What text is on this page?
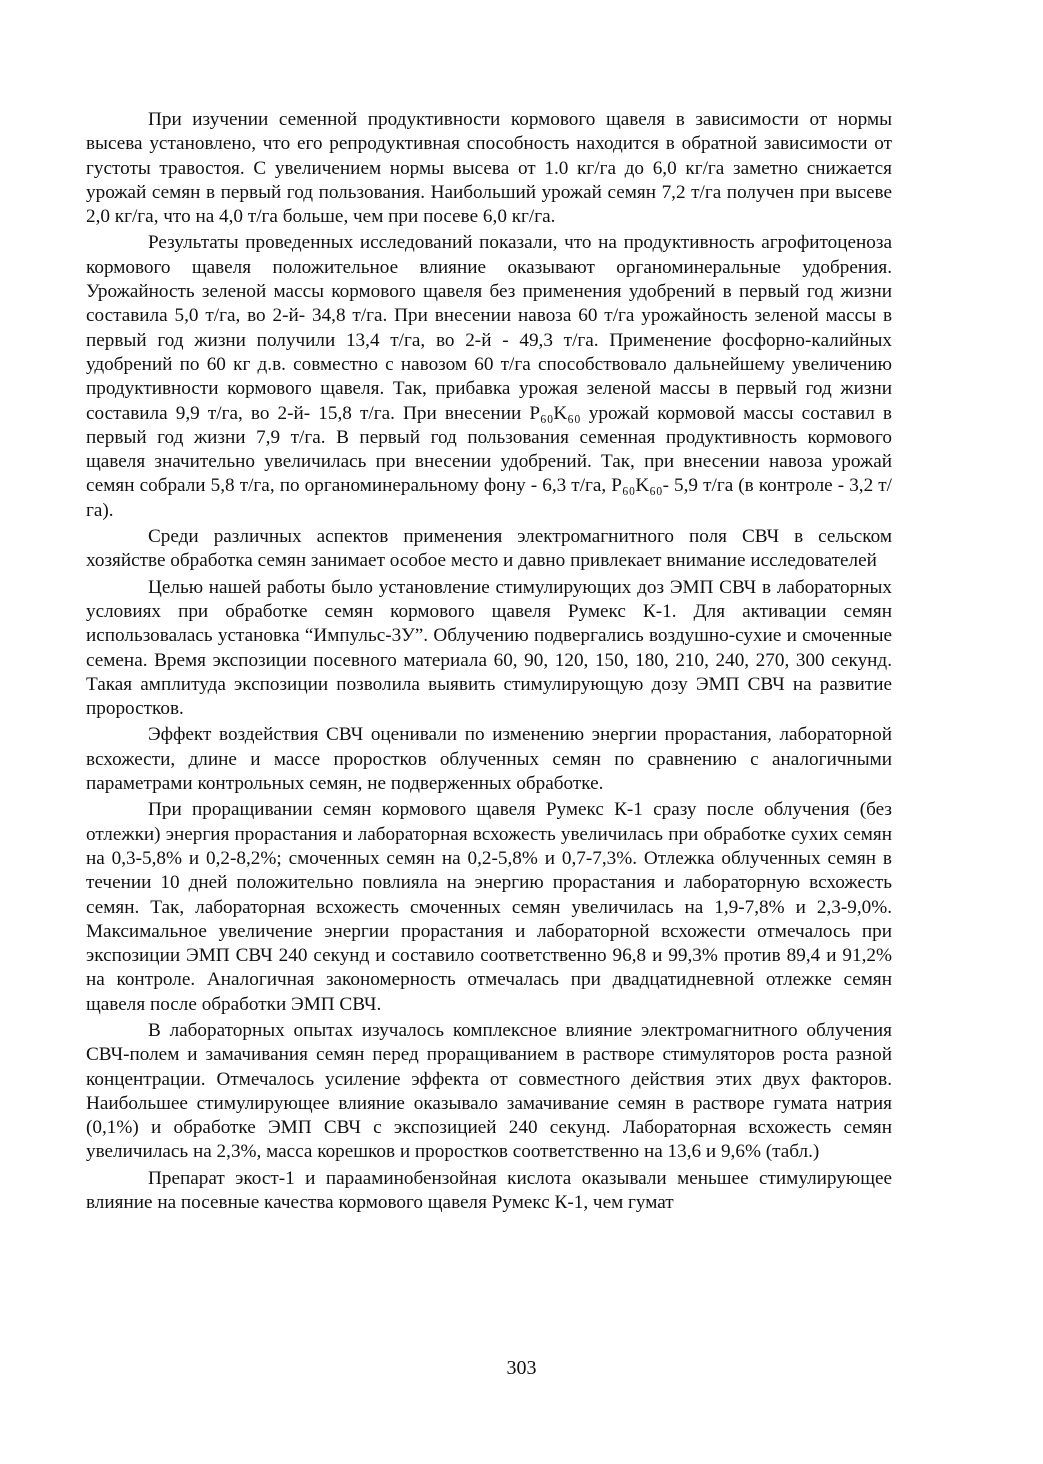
При изучении семенной продуктивности кормового щавеля в зависимости от нормы высева установлено, что его репродуктивная способность находится в обратной зависимости от густоты травостоя. С увеличением нормы высева от 1.0 кг/га до 6,0 кг/га заметно снижается урожай семян в первый год пользования. Наибольший урожай семян 7,2 т/га получен при высеве 2,0 кг/га, что на 4,0 т/га больше, чем при посеве 6,0 кг/га.

Результаты проведенных исследований показали, что на продуктивность агрофитоценоза кормового щавеля положительное влияние оказывают органоминеральные удобрения. Урожайность зеленой массы кормового щавеля без применения удобрений в первый год жизни составила 5,0 т/га, во 2-й- 34,8 т/га. При внесении навоза 60 т/га урожайность зеленой массы в первый год жизни получили 13,4 т/га, во 2-й - 49,3 т/га. Применение фосфорно-калийных удобрений по 60 кг д.в. совместно с навозом 60 т/га способствовало дальнейшему увеличению продуктивности кормового щавеля. Так, прибавка урожая зеленой массы в первый год жизни составила 9,9 т/га, во 2-й- 15,8 т/га. При внесении P₆₀K₆₀ урожай кормовой массы составил в первый год жизни 7,9 т/га. В первый год пользования семенная продуктивность кормового щавеля значительно увеличилась при внесении удобрений. Так, при внесении навоза урожай семян собрали 5,8 т/га, по органоминеральному фону - 6,3 т/га, P₆₀K₆₀- 5,9 т/га (в контроле - 3,2 т/га).

Среди различных аспектов применения электромагнитного поля СВЧ в сельском хозяйстве обработка семян занимает особое место и давно привлекает внимание исследователей

Целью нашей работы было установление стимулирующих доз ЭМП СВЧ в лабораторных условиях при обработке семян кормового щавеля Румекс К-1. Для активации семян использовалась установка “Импульс-3У”. Облучению подвергались воздушно-сухие и смоченные семена. Время экспозиции посевного материала 60, 90, 120, 150, 180, 210, 240, 270, 300 секунд. Такая амплитуда экспозиции позволила выявить стимулирующую дозу ЭМП СВЧ на развитие проростков.

Эффект воздействия СВЧ оценивали по изменению энергии прорастания, лабораторной всхожести, длине и массе проростков облученных семян по сравнению с аналогичными параметрами контрольных семян, не подверженных обработке.

При проращивании семян кормового щавеля Румекс К-1 сразу после облучения (без отлежки) энергия прорастания и лабораторная всхожесть увеличилась при обработке сухих семян на 0,3-5,8% и 0,2-8,2%; смоченных семян на 0,2-5,8% и 0,7-7,3%. Отлежка облученных семян в течении 10 дней положительно повлияла на энергию прорастания и лабораторную всхожесть семян. Так, лабораторная всхожесть смоченных семян увеличилась на 1,9-7,8% и 2,3-9,0%. Максимальное увеличение энергии прорастания и лабораторной всхожести отмечалось при экспозиции ЭМП СВЧ 240 секунд и составило соответственно 96,8 и 99,3% против 89,4 и 91,2% на контроле. Аналогичная закономерность отмечалась при двадцатидневной отлежке семян щавеля после обработки ЭМП СВЧ.

В лабораторных опытах изучалось комплексное влияние электромагнитного облучения СВЧ-полем и замачивания семян перед проращиванием в растворе стимуляторов роста разной концентрации. Отмечалось усиление эффекта от совместного действия этих двух факторов. Наибольшее стимулирующее влияние оказывало замачивание семян в растворе гумата натрия (0,1%) и обработке ЭМП СВЧ с экспозицией 240 секунд. Лабораторная всхожесть семян увеличилась на 2,3%, масса корешков и проростков соответственно на 13,6 и 9,6% (табл.)

Препарат экост-1 и парааминобензойная кислота оказывали меньшее стимулирующее влияние на посевные качества кормового щавеля Румекс К-1, чем гумат

303
